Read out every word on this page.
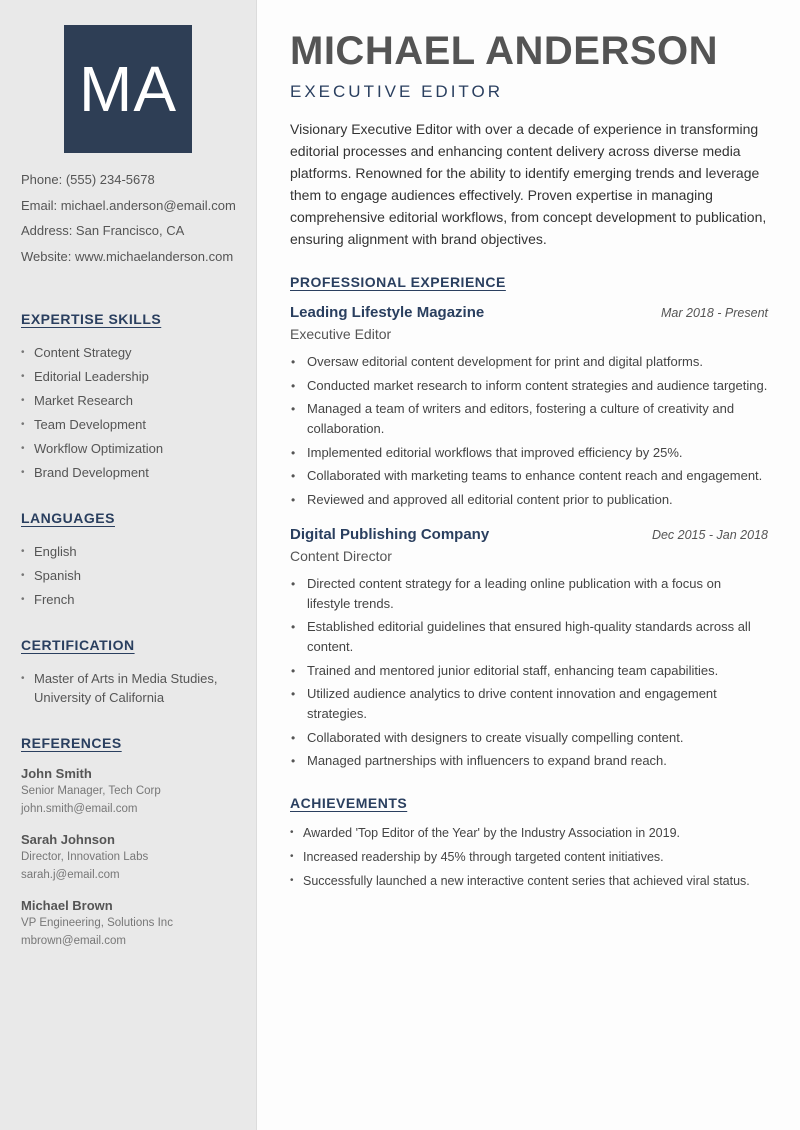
MA
Phone: (555) 234-5678
Email: michael.anderson@email.com
Address: San Francisco, CA
Website: www.michaelanderson.com
EXPERTISE SKILLS
• Content Strategy
• Editorial Leadership
• Market Research
• Team Development
• Workflow Optimization
• Brand Development
LANGUAGES
• English
• Spanish
• French
CERTIFICATION
• Master of Arts in Media Studies, University of California
REFERENCES
John Smith
Senior Manager, Tech Corp
john.smith@email.com
Sarah Johnson
Director, Innovation Labs
sarah.j@email.com
Michael Brown
VP Engineering, Solutions Inc
mbrown@email.com
MICHAEL ANDERSON
EXECUTIVE EDITOR

Visionary Executive Editor with over a decade of experience in transforming editorial processes and enhancing content delivery across diverse media platforms. Renowned for the ability to identify emerging trends and leverage them to engage audiences effectively. Proven expertise in managing comprehensive editorial workflows, from concept development to publication, ensuring alignment with brand objectives.

PROFESSIONAL EXPERIENCE
Leading Lifestyle Magazine	Mar 2018 - Present
Executive Editor
• Oversaw editorial content development for print and digital platforms.
• Conducted market research to inform content strategies and audience targeting.
• Managed a team of writers and editors, fostering a culture of creativity and collaboration.
• Implemented editorial workflows that improved efficiency by 25%.
• Collaborated with marketing teams to enhance content reach and engagement.
• Reviewed and approved all editorial content prior to publication.
Digital Publishing Company	Dec 2015 - Jan 2018
Content Director
• Directed content strategy for a leading online publication with a focus on lifestyle trends.
• Established editorial guidelines that ensured high-quality standards across all content.
• Trained and mentored junior editorial staff, enhancing team capabilities.
• Utilized audience analytics to drive content innovation and engagement strategies.
• Collaborated with designers to create visually compelling content.
• Managed partnerships with influencers to expand brand reach.
ACHIEVEMENTS
• Awarded 'Top Editor of the Year' by the Industry Association in 2019.
• Increased readership by 45% through targeted content initiatives.
• Successfully launched a new interactive content series that achieved viral status.
